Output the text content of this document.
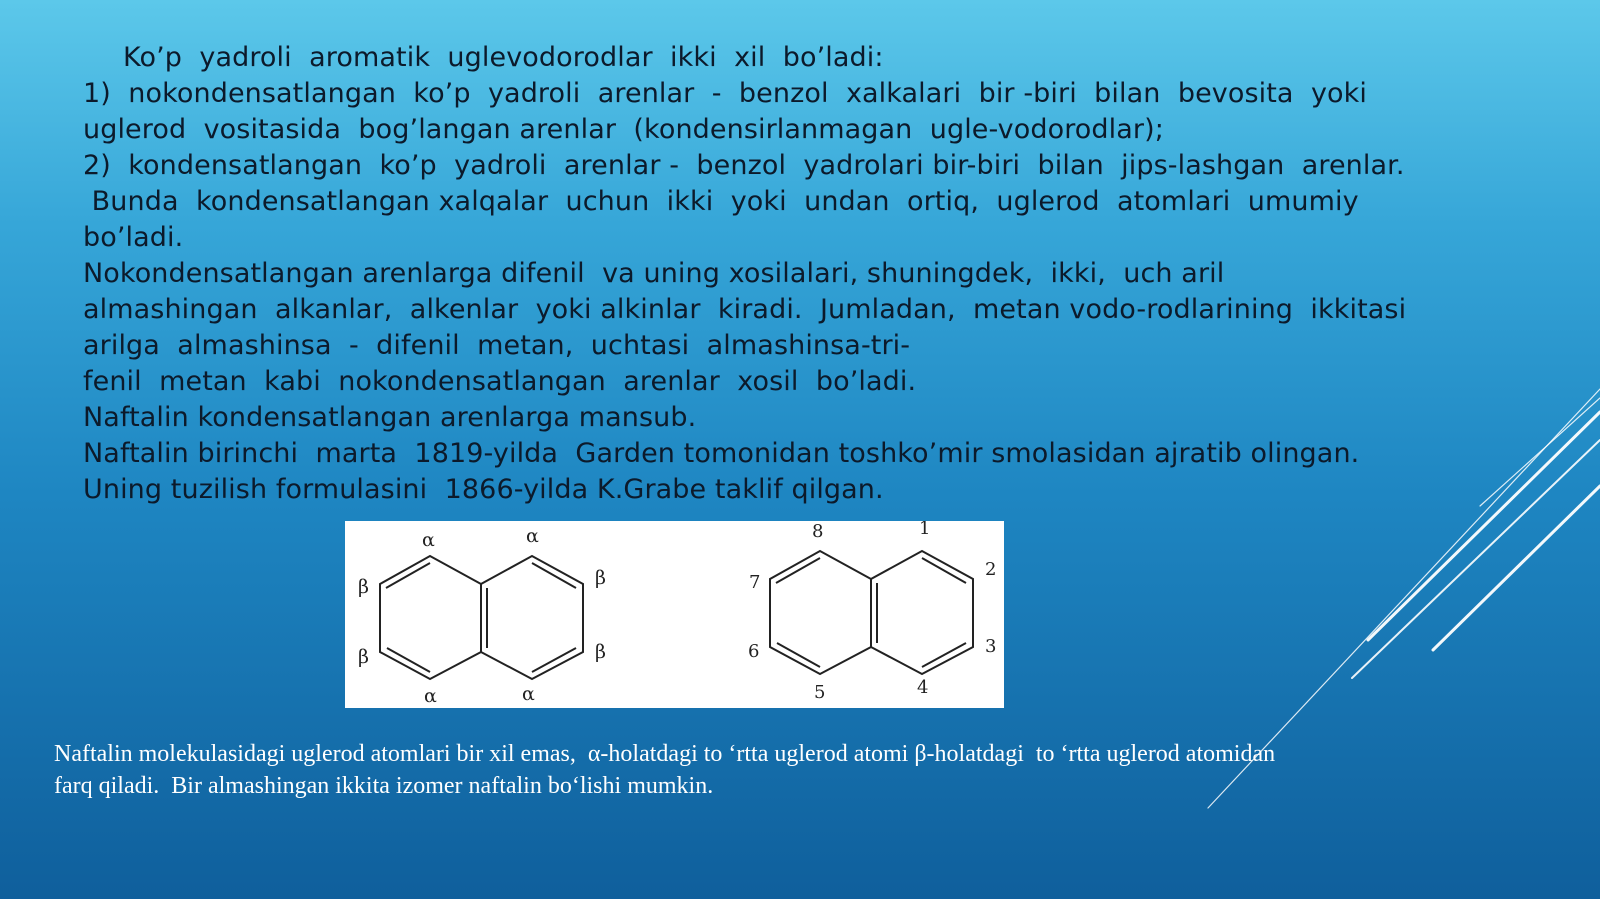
Ko’p  yadroli  aromatik  uglevodorodlar  ikki  xil  bo’ladi:

1)  nokondensatlangan  ko’p  yadroli  arenlar  -  benzol  xalkalari  bir -biri  bilan  bevosita  yoki

uglerod  vositasida  bog’langan arenlar  (kondensirlanmagan  ugle-vodorodlar);

2)  kondensatlangan  ko’p  yadroli  arenlar -  benzol  yadrolari bir-biri  bilan  jips-lashgan  arenlar.

Bunda  kondensatlangan xalqalar  uchun  ikki  yoki  undan  ortiq,  uglerod  atomlari  umumiy

bo’ladi.

Nokondensatlangan arenlarga difenil  va uning xosilalari, shuningdek,  ikki,  uch aril

almashingan  alkanlar,  alkenlar  yoki alkinlar  kiradi.  Jumladan,  metan vodo-rodlarining  ikkitasi

arilga  almashinsa  -  difenil  metan,  uchtasi  almashinsa-tri-

fenil  metan  kabi  nokondensatlangan  arenlar  xosil  bo’ladi.

Naftalin kondensatlangan arenlarga mansub.

Naftalin birinchi  marta  1819-yilda  Garden tomonidan toshko’mir smolasidan ajratib olingan.

Uning tuzilish formulasini  1866-yilda K.Grabe taklif qilgan.

α	α
β	β
β	β
α	α
8	1
7
2
6	3
5	4

Naftalin molekulasidagi uglerod atomlari bir xil emas,  α-holatdagi to ‘rtta uglerod atomi β-holatdagi  to ‘rtta uglerod atomidan

farq qiladi.  Bir almashingan ikkita izomer naftalin bo‘lishi mumkin.
